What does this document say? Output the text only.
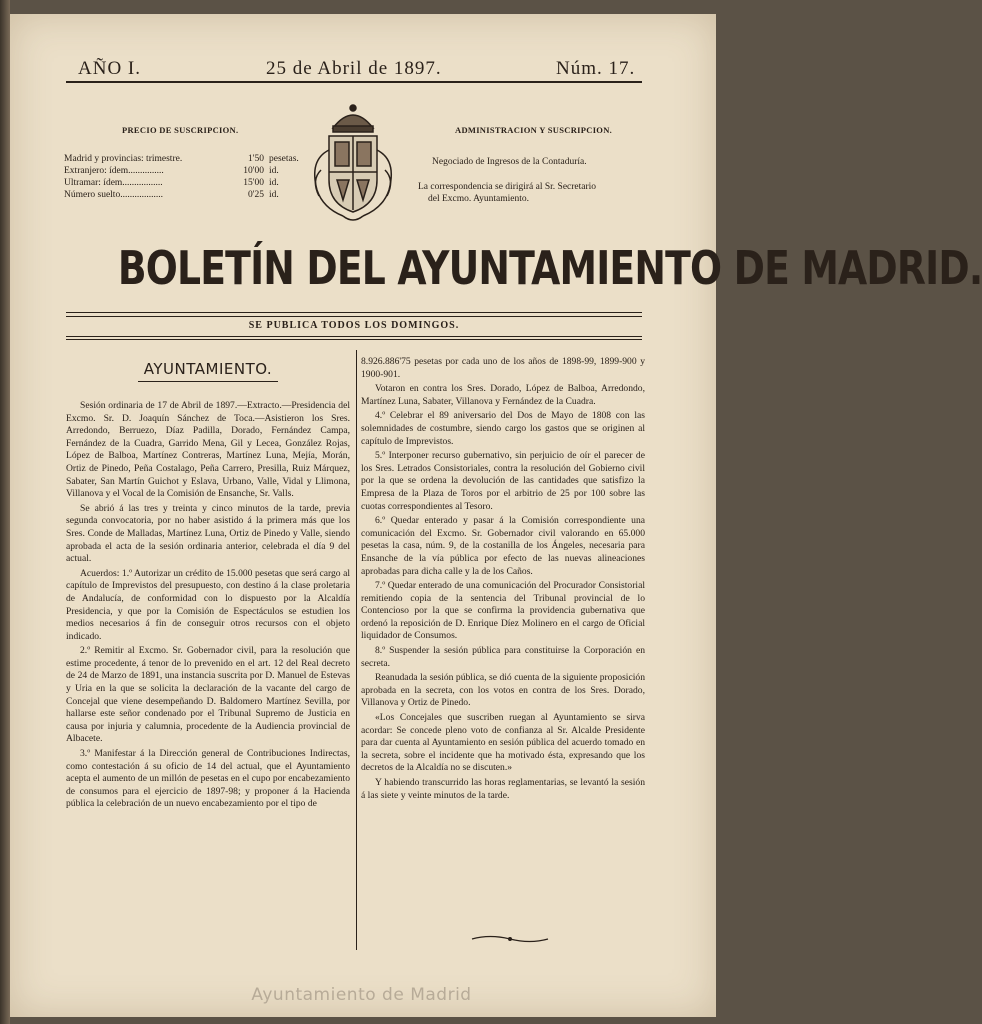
AÑO I.	25 de Abril de 1897.	Núm. 17.
PRECIO DE SUSCRIPCION.
Madrid y provincias: trimestre.	1'50 pesetas.
Extranjero: ídem...............	10'00 id.
Ultramar: ídem.................	15'00 id.
Número suelto..................	0'25 id.
ADMINISTRACION Y SUSCRIPCION.
Negociado de Ingresos de la Contaduría.
La correspondencia se dirigirá al Sr. Secretario
del Excmo. Ayuntamiento.
BOLETÍN DEL AYUNTAMIENTO DE MADRID.
SE PUBLICA TODOS LOS DOMINGOS.
AYUNTAMIENTO.

Sesión ordinaria de 17 de Abril de 1897.—Extracto.—Presidencia del Excmo. Sr. D. Joaquín Sánchez de Toca.—Asistieron los Sres. Arredondo, Berruezo, Díaz Padilla, Dorado, Fernández Campa, Fernández de la Cuadra, Garrido Mena, Gil y Lecea, González Rojas, López de Balboa, Martínez Contreras, Martínez Luna, Mejía, Morán, Ortiz de Pinedo, Peña Costalago, Peña Carrero, Presilla, Ruiz Márquez, Sabater, San Martín Guichot y Eslava, Urbano, Valle, Vidal y Llimona, Villanova y el Vocal de la Comisión de Ensanche, Sr. Valls.

Se abrió á las tres y treinta y cinco minutos de la tarde, previa segunda convocatoria, por no haber asistido á la primera más que los Sres. Conde de Malladas, Martínez Luna, Ortiz de Pinedo y Valle, siendo aprobada el acta de la sesión ordinaria anterior, celebrada el día 9 del actual.

Acuerdos: 1.º Autorizar un crédito de 15.000 pesetas que será cargo al capítulo de Imprevistos del presupuesto, con destino á la clase proletaria de Andalucía, de conformidad con lo dispuesto por la Alcaldía Presidencia, y que por la Comisión de Espectáculos se estudien los medios necesarios á fin de conseguir otros recursos con el objeto indicado.

2.º Remitir al Excmo. Sr. Gobernador civil, para la resolución que estime procedente, á tenor de lo prevenido en el art. 12 del Real decreto de 24 de Marzo de 1891, una instancia suscrita por D. Manuel de Estevas y Uria en la que se solicita la declaración de la vacante del cargo de Concejal que viene desempeñando D. Baldomero Martínez Sevilla, por hallarse este señor condenado por el Tribunal Supremo de Justicia en causa por injuria y calumnia, procedente de la Audiencia provincial de Albacete.

3.º Manifestar á la Dirección general de Contribuciones Indirectas, como contestación á su oficio de 14 del actual, que el Ayuntamiento acepta el aumento de un millón de pesetas en el cupo por encabezamiento de consumos para el ejercicio de 1897-98; y proponer á la Hacienda pública la celebración de un nuevo encabezamiento por el tipo de

8.926.886'75 pesetas por cada uno de los años de 1898-99, 1899-900 y 1900-901.

Votaron en contra los Sres. Dorado, López de Balboa, Arredondo, Martínez Luna, Sabater, Villanova y Fernández de la Cuadra.

4.º Celebrar el 89 aniversario del Dos de Mayo de 1808 con las solemnidades de costumbre, siendo cargo los gastos que se originen al capítulo de Imprevistos.

5.º Interponer recurso gubernativo, sin perjuicio de oír el parecer de los Sres. Letrados Consistoriales, contra la resolución del Gobierno civil por la que se ordena la devolución de las cantidades que satisfizo la Empresa de la Plaza de Toros por el arbitrio de 25 por 100 sobre las cuotas correspondientes al Tesoro.

6.º Quedar enterado y pasar á la Comisión correspondiente una comunicación del Excmo. Sr. Gobernador civil valorando en 65.000 pesetas la casa, núm. 9, de la costanilla de los Ángeles, necesaria para Ensanche de la vía pública por efecto de las nuevas alineaciones aprobadas para dicha calle y la de los Caños.

7.º Quedar enterado de una comunicación del Procurador Consistorial remitiendo copia de la sentencia del Tribunal provincial de lo Contencioso por la que se confirma la providencia gubernativa que ordenó la reposición de D. Enrique Díez Molinero en el cargo de Oficial liquidador de Consumos.

8.º Suspender la sesión pública para constituirse la Corporación en secreta.

Reanudada la sesión pública, se dió cuenta de la siguiente proposición aprobada en la secreta, con los votos en contra de los Sres. Dorado, Villanova y Ortiz de Pinedo.

«Los Concejales que suscriben ruegan al Ayuntamiento se sirva acordar: Se concede pleno voto de confianza al Sr. Alcalde Presidente para dar cuenta al Ayuntamiento en sesión pública del acuerdo tomado en la secreta, sobre el incidente que ha motivado ésta, expresando que los decretos de la Alcaldía no se discuten.»

Y habiendo transcurrido las horas reglamentarias, se levantó la sesión á las siete y veinte minutos de la tarde.

Ayuntamiento de Madrid
